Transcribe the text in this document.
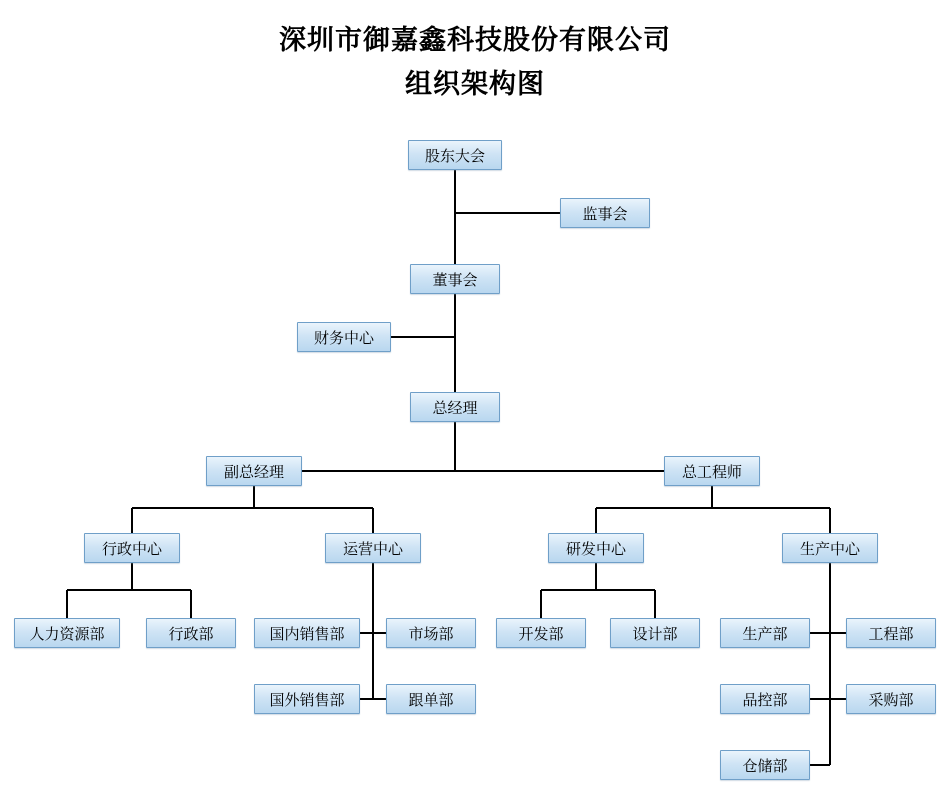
深圳市御嘉鑫科技股份有限公司
组织架构图
股东大会
监事会
董事会
财务中心
总经理
副总经理	总工程师
行政中心	运营中心	研发中心	生产中心
人力资源部	行政部	国内销售部	市场部
国外销售部	跟单部
开发部	设计部	生产部	工程部
品控部	采购部
仓储部
